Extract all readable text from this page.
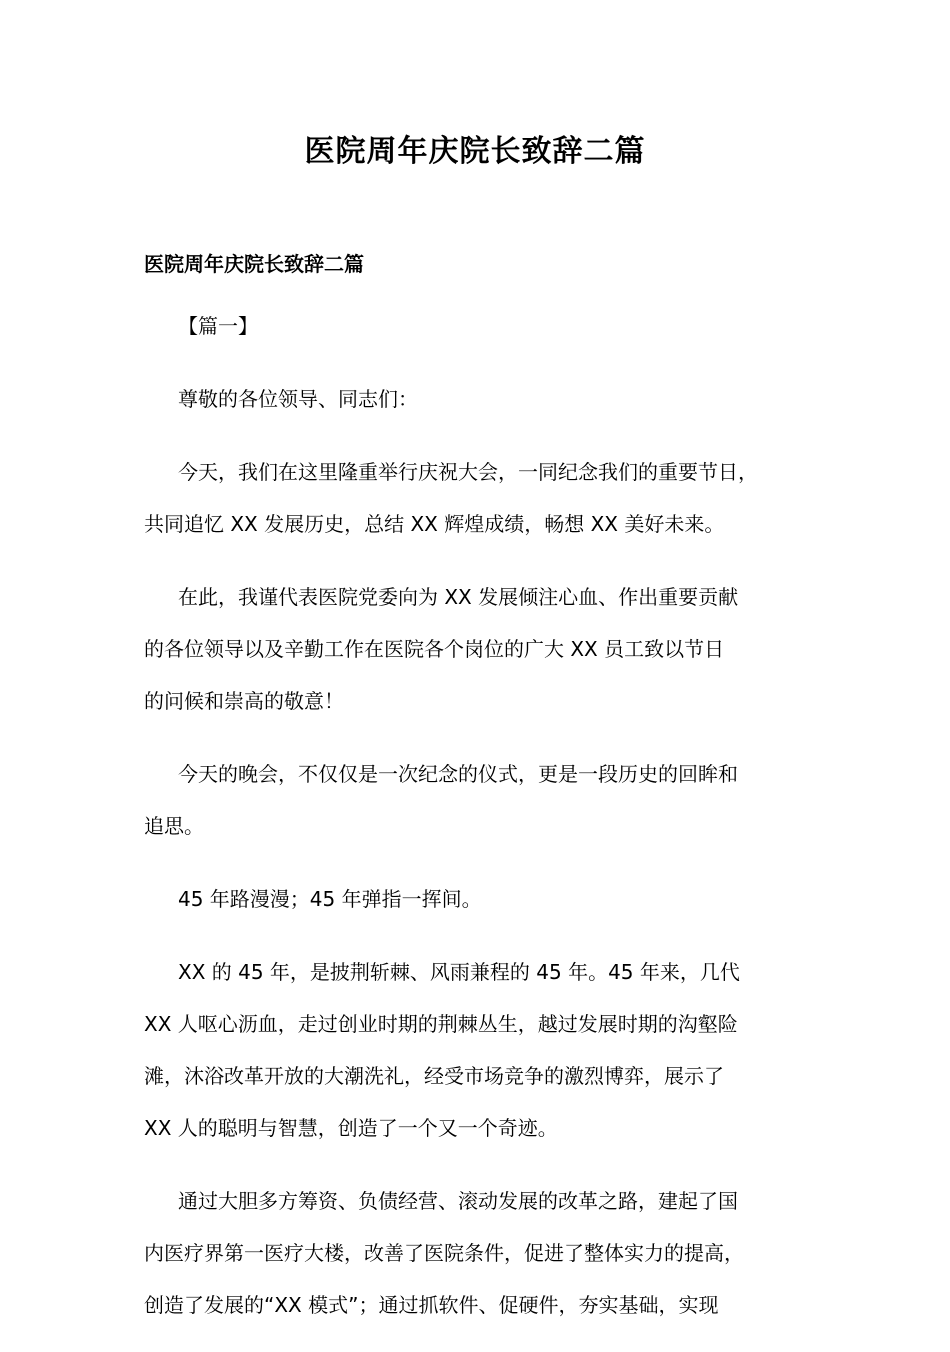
医院周年庆院长致辞二篇
医院周年庆院长致辞二篇
【篇一】
尊敬的各位领导、同志们：
今天，我们在这里隆重举行庆祝大会，一同纪念我们的重要节日，
共同追忆 XX 发展历史，总结 XX 辉煌成绩，畅想 XX 美好未来。
在此，我谨代表医院党委向为 XX 发展倾注心血、作出重要贡献
的各位领导以及辛勤工作在医院各个岗位的广大 XX 员工致以节日
的问候和崇高的敬意！
今天的晚会，不仅仅是一次纪念的仪式，更是一段历史的回眸和
追思。
45 年路漫漫；45 年弹指一挥间。
XX 的 45 年，是披荆斩棘、风雨兼程的 45 年。45 年来，几代
XX 人呕心沥血，走过创业时期的荆棘丛生，越过发展时期的沟壑险
滩，沐浴改革开放的大潮洗礼，经受市场竞争的激烈博弈，展示了
XX 人的聪明与智慧，创造了一个又一个奇迹。
通过大胆多方筹资、负债经营、滚动发展的改革之路，建起了国
内医疗界第一医疗大楼，改善了医院条件，促进了整体实力的提高，
创造了发展的“XX 模式”；通过抓软件、促硬件，夯实基础，实现
